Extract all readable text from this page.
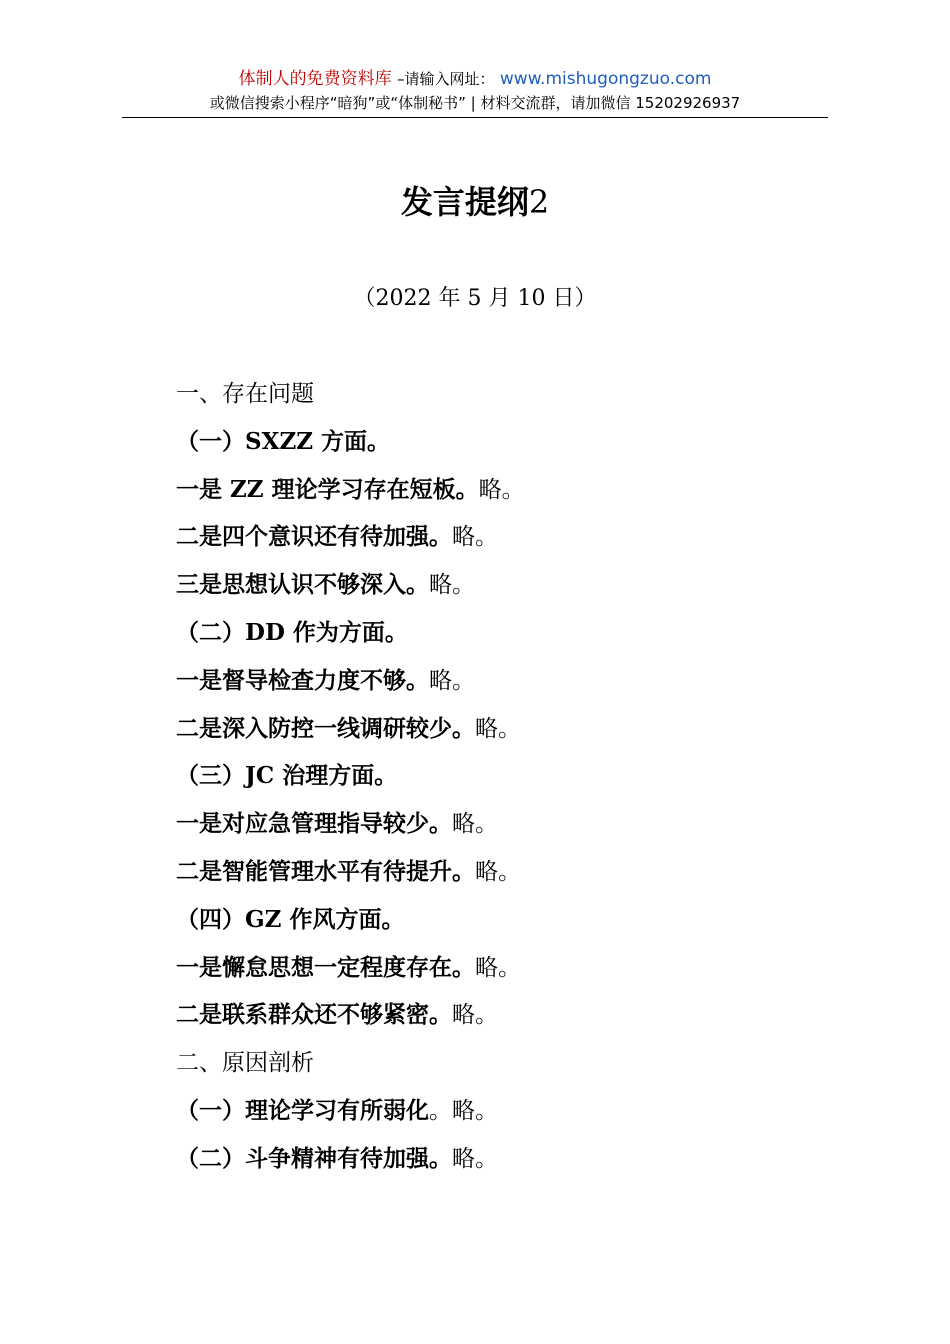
体制人的免费资料库 –请输入网址： www.mishugongzuo.com
或微信搜索小程序“暗狗”或“体制秘书” | 材料交流群，请加微信 15202926937
发言提纲2
（2022 年 5 月 10 日）
一、存在问题
（一）SXZZ 方面。
一是 ZZ 理论学习存在短板。略。
二是四个意识还有待加强。略。
三是思想认识不够深入。略。
（二）DD 作为方面。
一是督导检查力度不够。略。
二是深入防控一线调研较少。略。
（三）JC 治理方面。
一是对应急管理指导较少。略。
二是智能管理水平有待提升。略。
（四）GZ 作风方面。
一是懈怠思想一定程度存在。略。
二是联系群众还不够紧密。略。
二、原因剖析
（一）理论学习有所弱化。略。
（二）斗争精神有待加强。略。
